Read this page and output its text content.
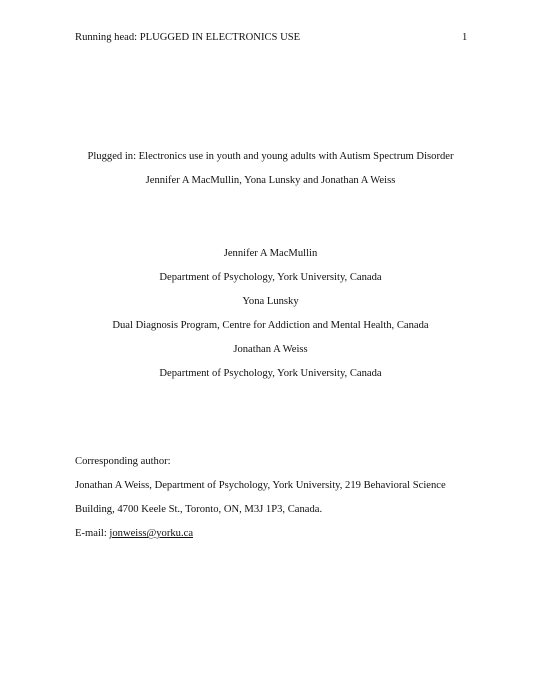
Running head: PLUGGED IN ELECTRONICS USE	1
Plugged in: Electronics use in youth and young adults with Autism Spectrum Disorder
Jennifer A MacMullin, Yona Lunsky and Jonathan A Weiss
Jennifer A MacMullin
Department of Psychology, York University, Canada
Yona Lunsky
Dual Diagnosis Program, Centre for Addiction and Mental Health, Canada
Jonathan A Weiss
Department of Psychology, York University, Canada
Corresponding author:
Jonathan A Weiss, Department of Psychology, York University, 219 Behavioral Science
Building, 4700 Keele St., Toronto, ON, M3J 1P3, Canada.
E-mail: jonweiss@yorku.ca
